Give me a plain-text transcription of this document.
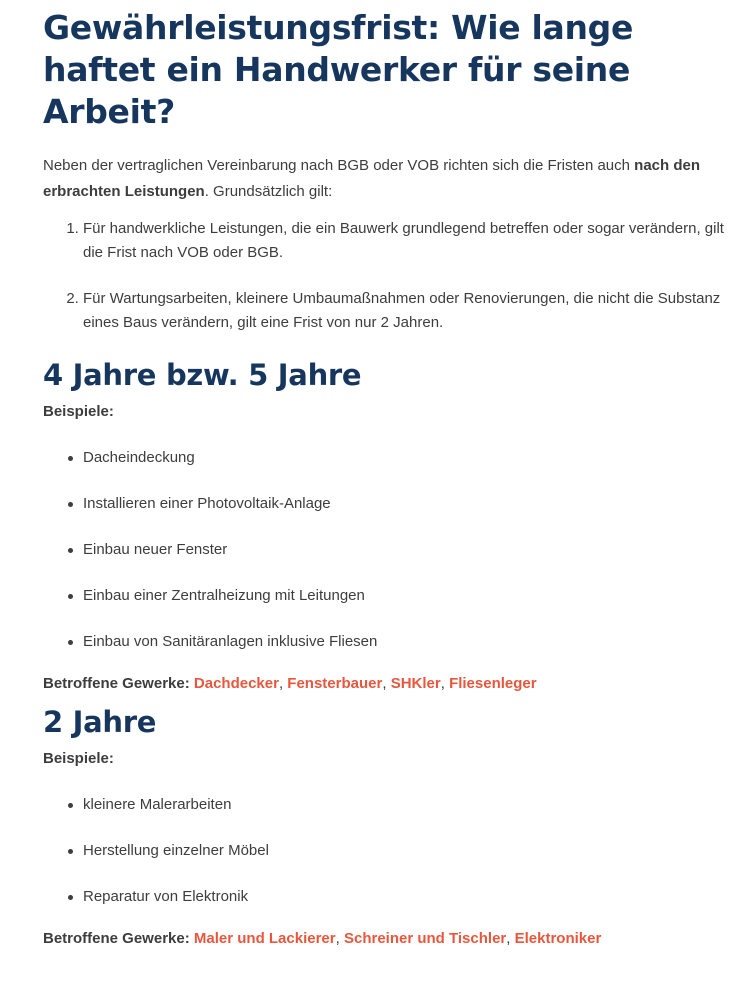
Gewährleistungsfrist: Wie lange haftet ein Handwerker für seine Arbeit?

Neben der vertraglichen Vereinbarung nach BGB oder VOB richten sich die Fristen auch nach den erbrachten Leistungen. Grundsätzlich gilt:

1. Für handwerkliche Leistungen, die ein Bauwerk grundlegend betreffen oder sogar verändern, gilt die Frist nach VOB oder BGB.
2. Für Wartungsarbeiten, kleinere Umbaumaßnahmen oder Renovierungen, die nicht die Substanz eines Baus verändern, gilt eine Frist von nur 2 Jahren.
4 Jahre bzw. 5 Jahre

Beispiele:

Dacheindeckung
Installieren einer Photovoltaik-Anlage
Einbau neuer Fenster
Einbau einer Zentralheizung mit Leitungen
Einbau von Sanitäranlagen inklusive Fliesen

Betroffene Gewerke: Dachdecker, Fensterbauer, SHKler, Fliesenleger

2 Jahre

Beispiele:

kleinere Malerarbeiten
Herstellung einzelner Möbel
Reparatur von Elektronik

Betroffene Gewerke: Maler und Lackierer, Schreiner und Tischler, Elektroniker
